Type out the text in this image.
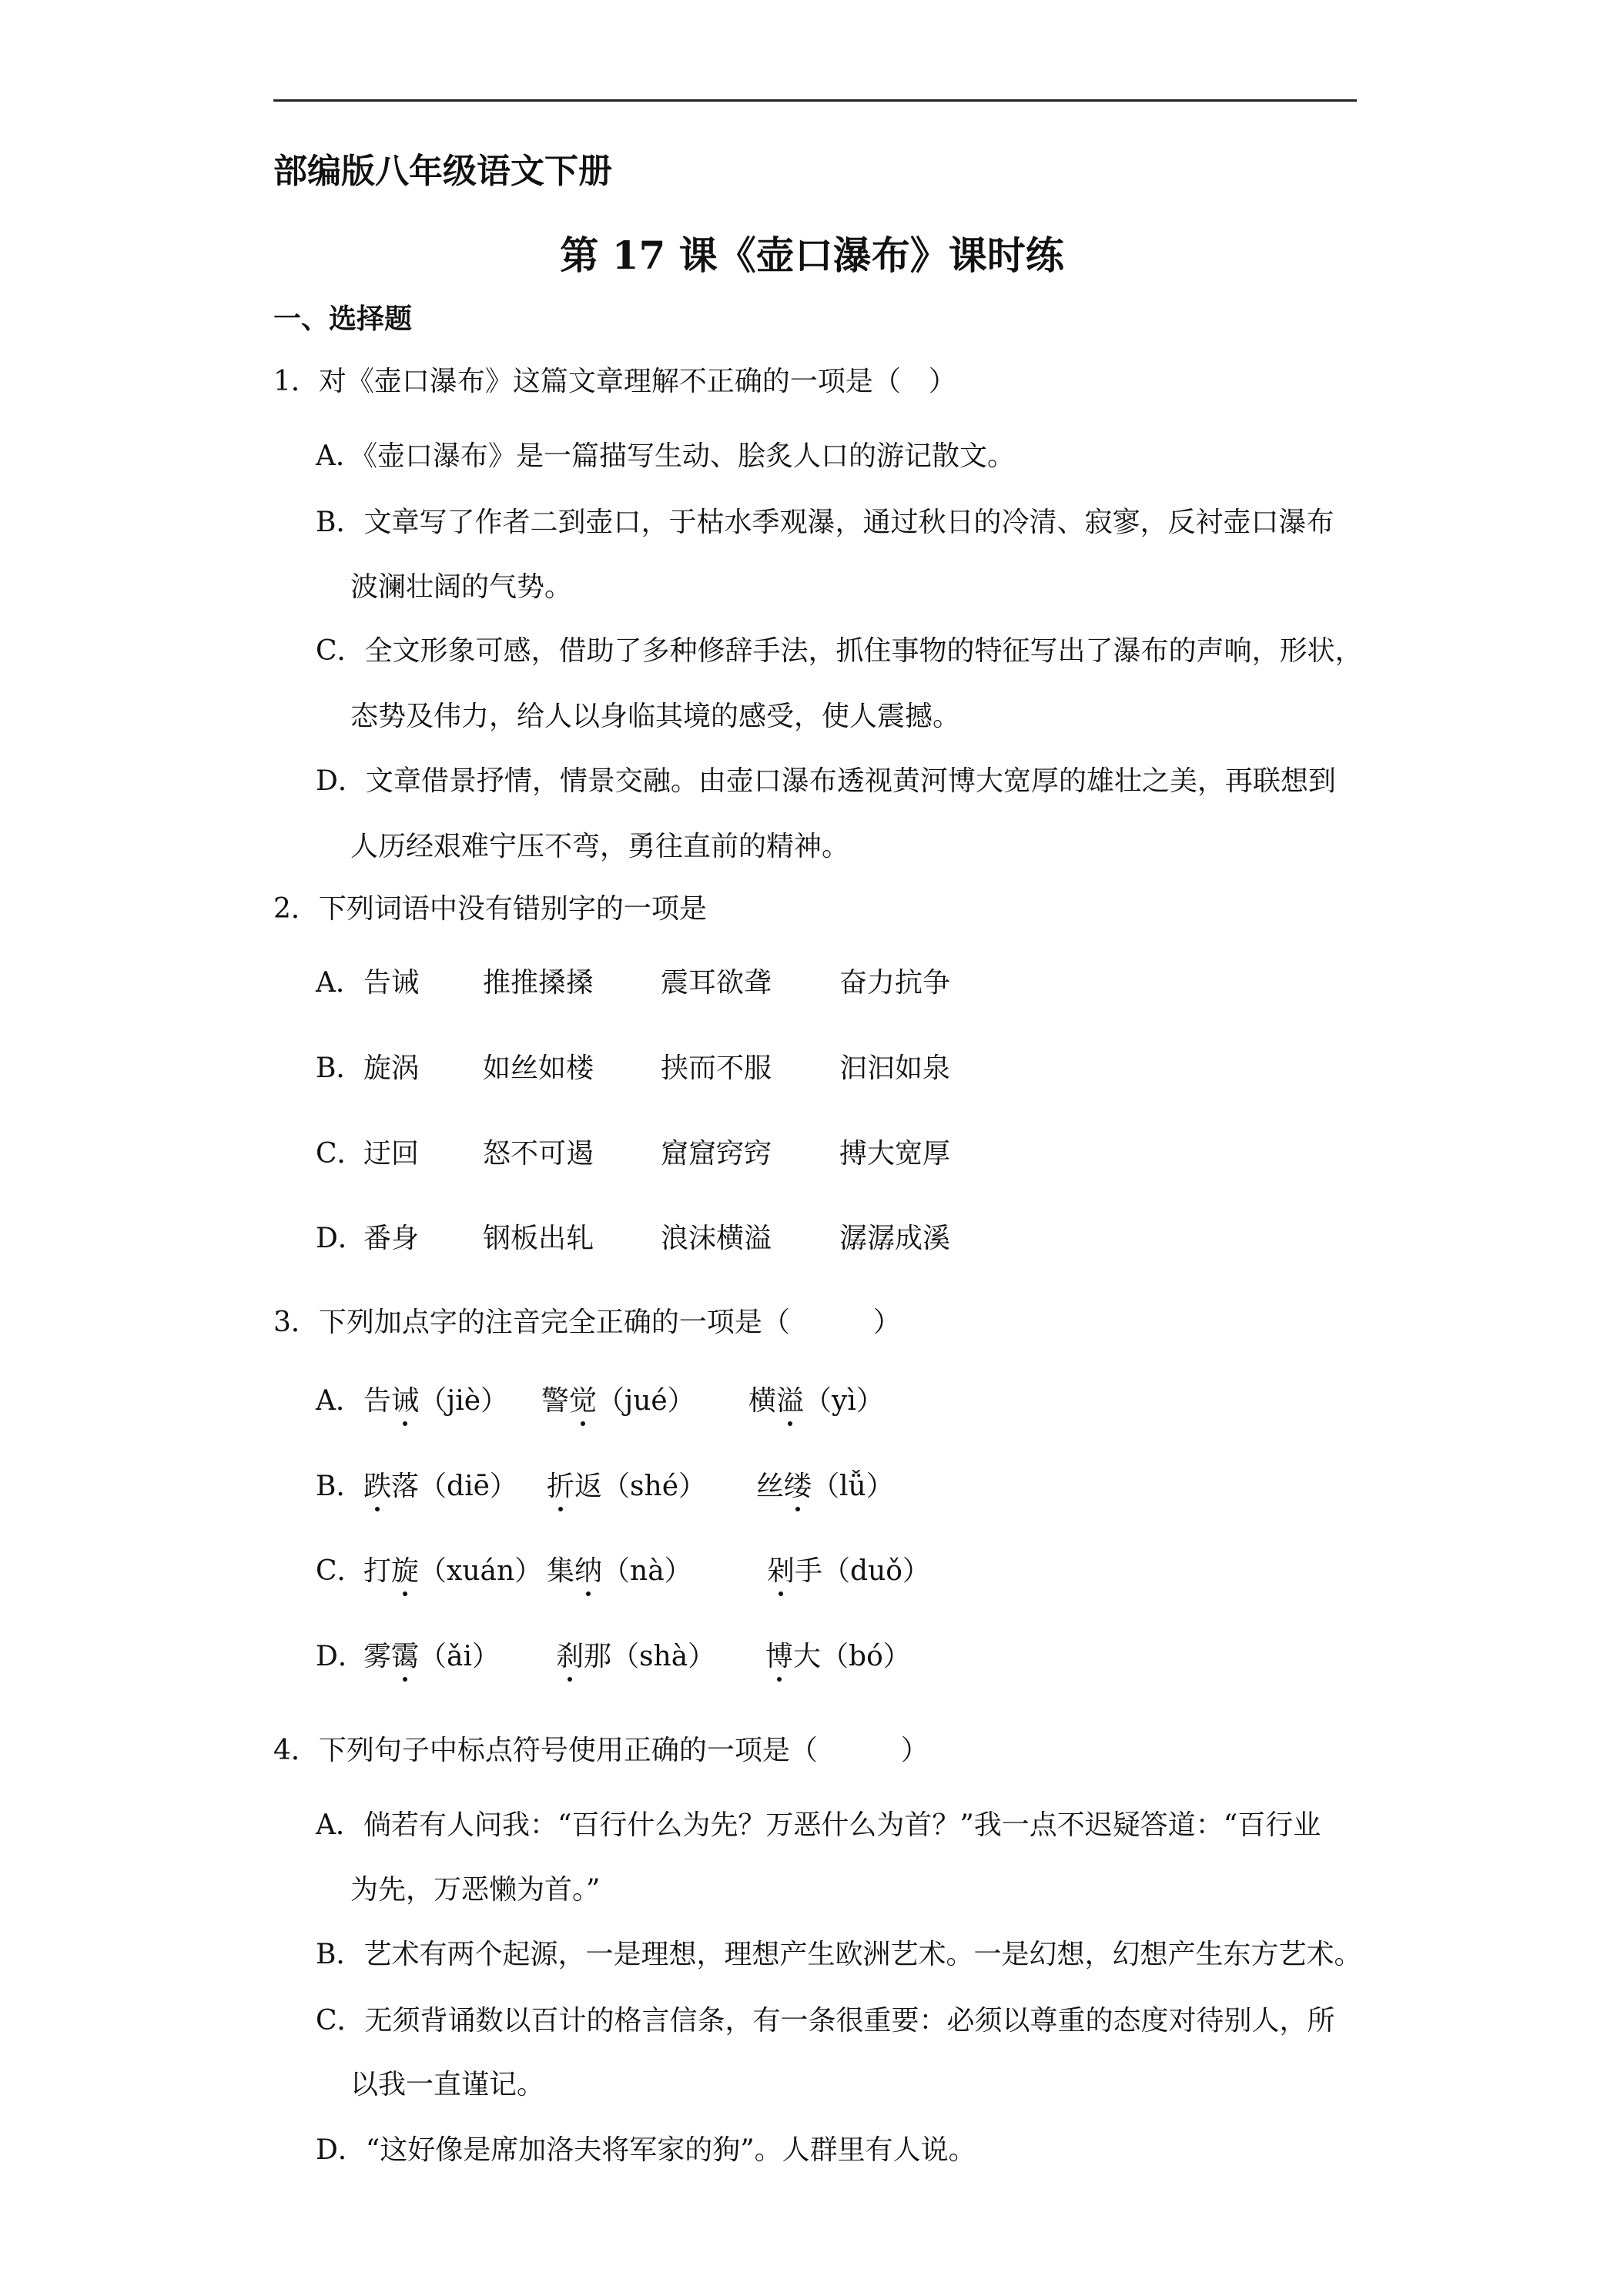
部编版八年级语文下册
第 17 课《壶口瀑布》课时练
一、选择题
1．对《壶口瀑布》这篇文章理解不正确的一项是（　）
A．《壶口瀑布》是一篇描写生动、脍炙人口的游记散文。
B．文章写了作者二到壶口，于枯水季观瀑，通过秋日的冷清、寂寥，反衬壶口瀑布
波澜壮阔的气势。
C．全文形象可感，借助了多种修辞手法，抓住事物的特征写出了瀑布的声响，形状，
态势及伟力，给人以身临其境的感受，使人震撼。
D．文章借景抒情，情景交融。由壶口瀑布透视黄河博大宽厚的雄壮之美，再联想到
人历经艰难宁压不弯，勇往直前的精神。
2．下列词语中没有错别字的一项是
A． 告诫 推推搡搡 震耳欲聋 奋力抗争
B． 旋涡 如丝如楼 挟而不服 汩汩如泉
C．
迂回 怒不可遏 窟窟窍窍 搏大宽厚
D．
番身 钢板出轧 浪沫横溢 潺潺成溪
3．下列加点字的注音完全正确的一项是（　　　）
A． 告诫（jiè） 警觉（jué） 横溢（yì）
B． 跌落（diē） 折返（shé） 丝缕（lǚ）
C．
打旋（xuán） 集纳（nà）	剁手（duǒ）
D．
雾霭（ǎi） 刹那（shà） 博大（bó）
4．下列句子中标点符号使用正确的一项是（　　　）
A．倘若有人问我：“百行什么为先？万恶什么为首？”我一点不迟疑答道：“百行业
为先，万恶懒为首。”
B．艺术有两个起源，一是理想，理想产生欧洲艺术。一是幻想，幻想产生东方艺术。
C．无须背诵数以百计的格言信条，有一条很重要：必须以尊重的态度对待别人，所
以我一直谨记。
D．“这好像是席加洛夫将军家的狗”。人群里有人说。
